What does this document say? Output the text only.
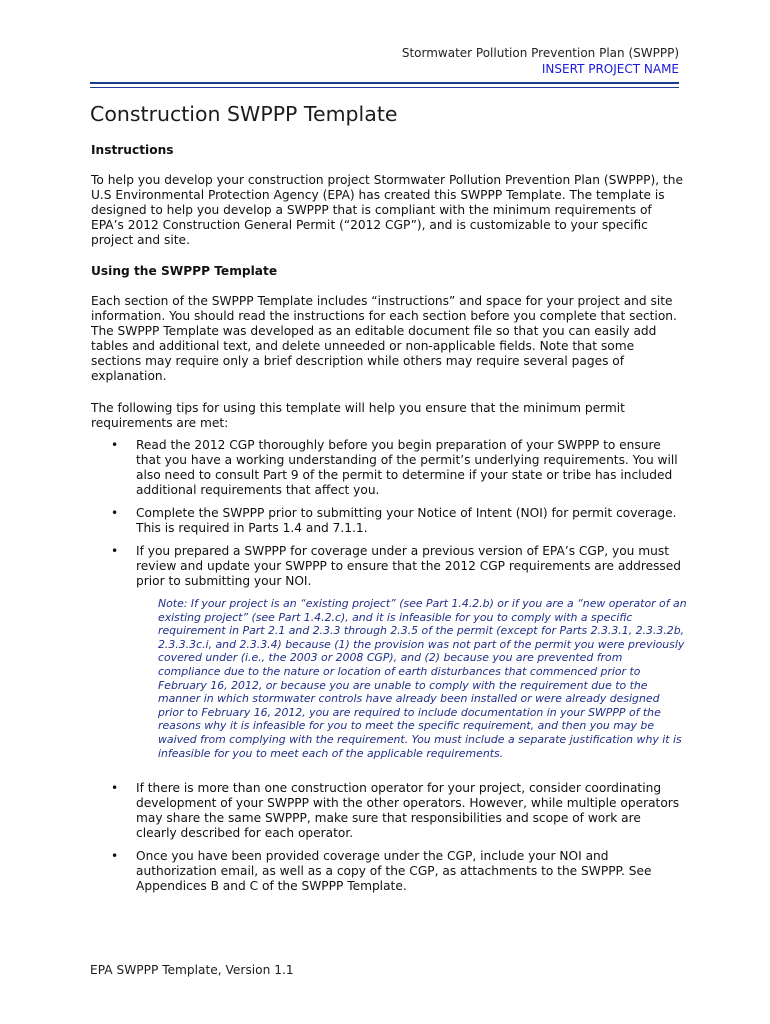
Stormwater Pollution Prevention Plan (SWPPP)
INSERT PROJECT NAME
Construction SWPPP Template
Instructions

To help you develop your construction project Stormwater Pollution Prevention Plan (SWPPP), the U.S Environmental Protection Agency (EPA) has created this SWPPP Template. The template is designed to help you develop a SWPPP that is compliant with the minimum requirements of EPA’s 2012 Construction General Permit (“2012 CGP”), and is customizable to your specific project and site.

Using the SWPPP Template

Each section of the SWPPP Template includes “instructions” and space for your project and site information. You should read the instructions for each section before you complete that section. The SWPPP Template was developed as an editable document file so that you can easily add tables and additional text, and delete unneeded or non-applicable fields. Note that some sections may require only a brief description while others may require several pages of explanation.

The following tips for using this template will help you ensure that the minimum permit requirements are met:

• Read the 2012 CGP thoroughly before you begin preparation of your SWPPP to ensure that you have a working understanding of the permit’s underlying requirements. You will also need to consult Part 9 of the permit to determine if your state or tribe has included additional requirements that affect you.
• Complete the SWPPP prior to submitting your Notice of Intent (NOI) for permit coverage. This is required in Parts 1.4 and 7.1.1.
• If you prepared a SWPPP for coverage under a previous version of EPA’s CGP, you must review and update your SWPPP to ensure that the 2012 CGP requirements are addressed prior to submitting your NOI.
Note: If your project is an “existing project” (see Part 1.4.2.b) or if you are a “new operator of an existing project” (see Part 1.4.2.c), and it is infeasible for you to comply with a specific requirement in Part 2.1 and 2.3.3 through 2.3.5 of the permit (except for Parts 2.3.3.1, 2.3.3.2b, 2.3.3.3c.i, and 2.3.3.4) because (1) the provision was not part of the permit you were previously covered under (i.e., the 2003 or 2008 CGP), and (2) because you are prevented from compliance due to the nature or location of earth disturbances that commenced prior to February 16, 2012, or because you are unable to comply with the requirement due to the manner in which stormwater controls have already been installed or were already designed prior to February 16, 2012, you are required to include documentation in your SWPPP of the reasons why it is infeasible for you to meet the specific requirement, and then you may be waived from complying with the requirement. You must include a separate justification why it is infeasible for you to meet each of the applicable requirements.
• If there is more than one construction operator for your project, consider coordinating development of your SWPPP with the other operators. However, while multiple operators may share the same SWPPP, make sure that responsibilities and scope of work are clearly described for each operator.
• Once you have been provided coverage under the CGP, include your NOI and authorization email, as well as a copy of the CGP, as attachments to the SWPPP. See Appendices B and C of the SWPPP Template.
EPA SWPPP Template, Version 1.1
